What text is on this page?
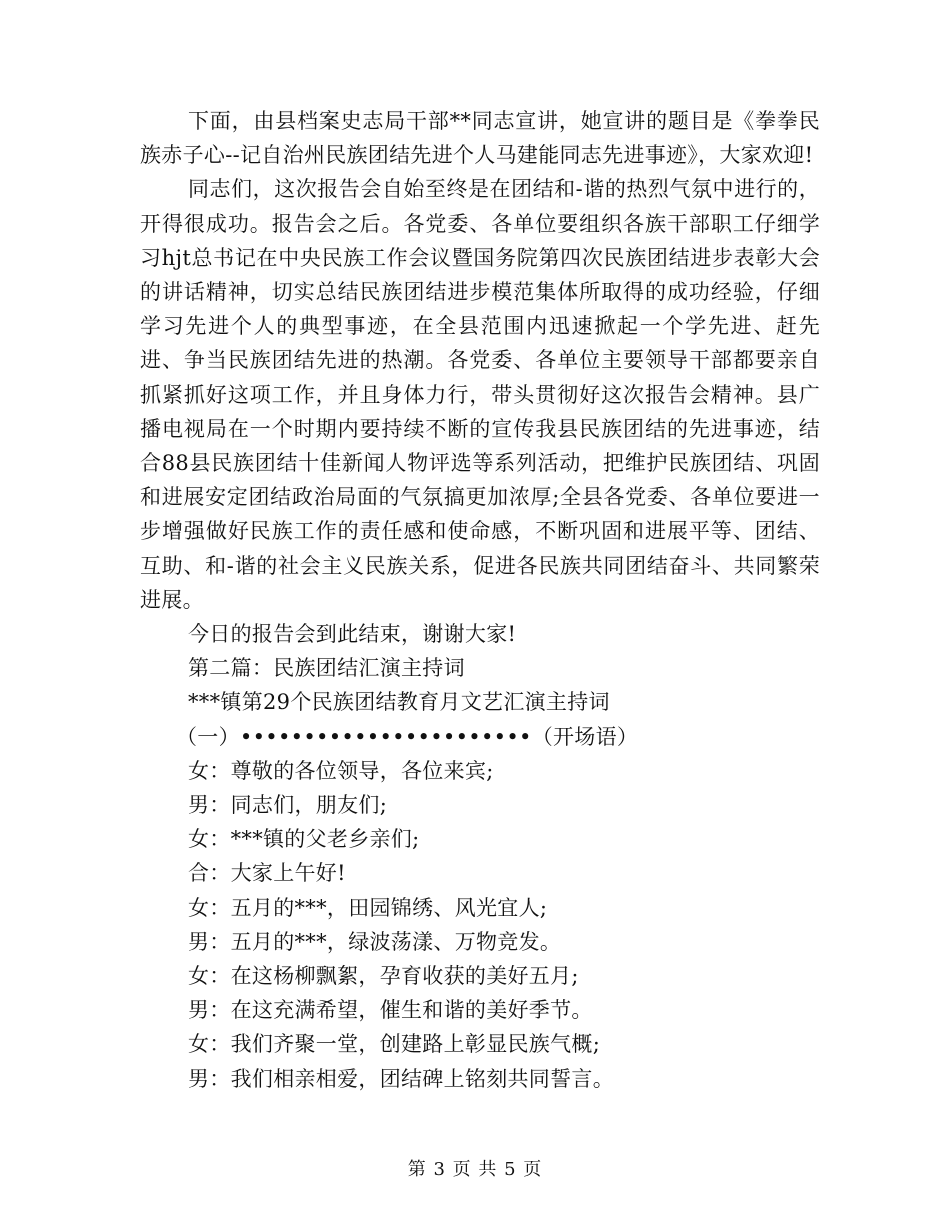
下面，由县档案史志局干部**同志宣讲，她宣讲的题目是《拳拳民族赤子心--记自治州民族团结先进个人马建能同志先进事迹》，大家欢迎!

同志们，这次报告会自始至终是在团结和-谐的热烈气氛中进行的，开得很成功。报告会之后。各党委、各单位要组织各族干部职工仔细学习hjt总书记在中央民族工作会议暨国务院第四次民族团结进步表彰大会的讲话精神，切实总结民族团结进步模范集体所取得的成功经验，仔细学习先进个人的典型事迹，在全县范围内迅速掀起一个学先进、赶先进、争当民族团结先进的热潮。各党委、各单位主要领导干部都要亲自抓紧抓好这项工作，并且身体力行，带头贯彻好这次报告会精神。县广播电视局在一个时期内要持续不断的宣传我县民族团结的先进事迹，结合88县民族团结十佳新闻人物评选等系列活动，把维护民族团结、巩固和进展安定团结政治局面的气氛搞更加浓厚;全县各党委、各单位要进一步增强做好民族工作的责任感和使命感，不断巩固和进展平等、团结、互助、和-谐的社会主义民族关系，促进各民族共同团结奋斗、共同繁荣进展。

今日的报告会到此结束，谢谢大家!

第二篇：民族团结汇演主持词

***镇第29个民族团结教育月文艺汇演主持词

（一）•••••••••••••••••••••••（开场语）

女：尊敬的各位领导，各位来宾;

男：同志们，朋友们;

女：***镇的父老乡亲们;

合：大家上午好!

女：五月的***，田园锦绣、风光宜人;

男：五月的***，绿波荡漾、万物竞发。

女：在这杨柳飘絮，孕育收获的美好五月;

男：在这充满希望，催生和谐的美好季节。

女：我们齐聚一堂，创建路上彰显民族气概;

男：我们相亲相爱，团结碑上铭刻共同誓言。

第 3 页 共 5 页
